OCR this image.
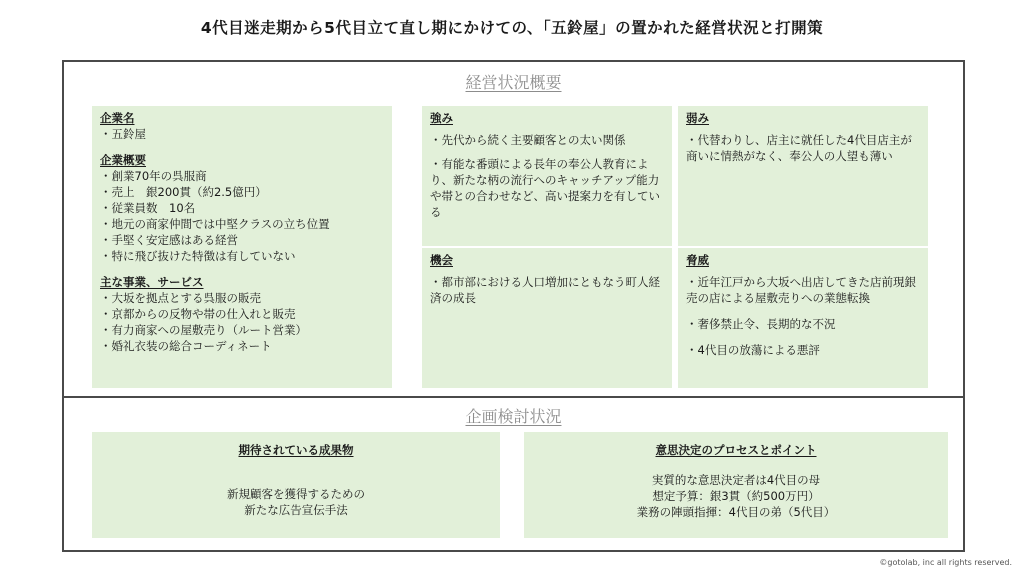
4代目迷走期から5代目立て直し期にかけての、「五鈴屋」の置かれた経営状況と打開策
経営状況概要
企業名
・五鈴屋
企業概要
・創業70年の呉服商
・売上　銀200貫（約2.5億円）
・従業員数　10名
・地元の商家仲間では中堅クラスの立ち位置
・手堅く安定感はある経営
・特に飛び抜けた特徴は有していない
主な事業、サービス
・大坂を拠点とする呉服の販売
・京都からの反物や帯の仕入れと販売
・有力商家への屋敷売り（ルート営業）
・婚礼衣装の総合コーディネート
強み
・先代から続く主要顧客との太い関係
・有能な番頭による長年の奉公人教育により、新たな柄の流行へのキャッチアップ能力や帯との合わせなど、高い提案力を有している
弱み
・代替わりし、店主に就任した4代目店主が商いに情熱がなく、奉公人の人望も薄い
機会
・都市部における人口増加にともなう町人経済の成長
脅威
・近年江戸から大坂へ出店してきた店前現銀売の店による屋敷売りへの業態転換
・奢侈禁止令、長期的な不況
・4代目の放蕩による悪評
企画検討状況
期待されている成果物
新規顧客を獲得するための
新たな広告宣伝手法
意思決定のプロセスとポイント
実質的な意思決定者は4代目の母
想定予算：銀3貫（約500万円）
業務の陣頭指揮：4代目の弟（5代目）
©gotolab, inc all rights reserved.
